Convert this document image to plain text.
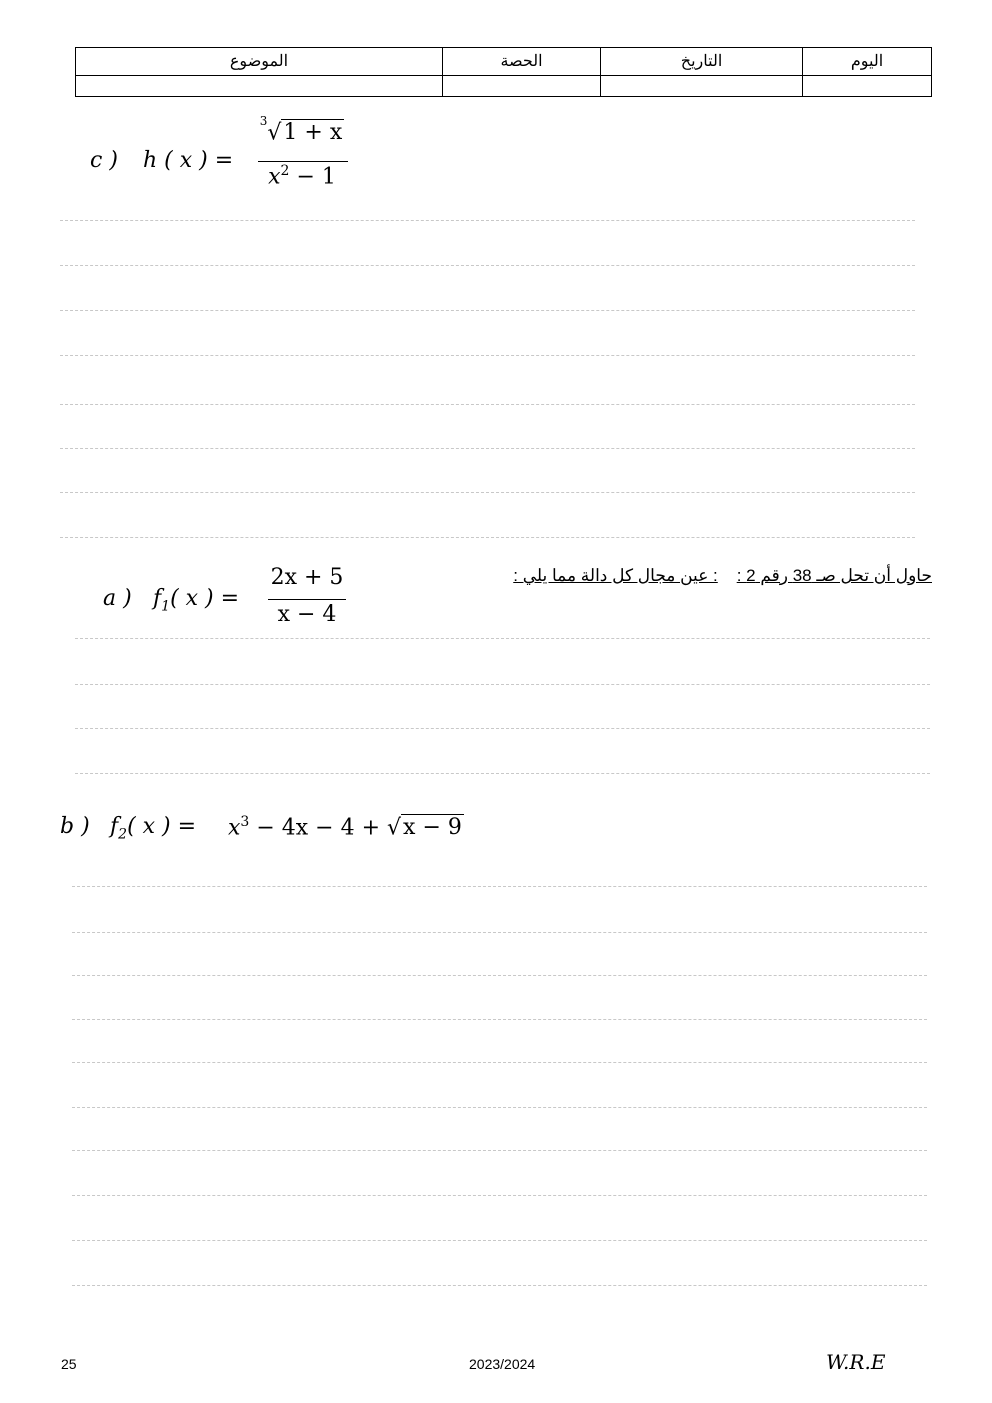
الموضوع	الحصة	التاريخ	اليوم

c ) h ( x ) =
$^3$√1 + x
$x^2 - 1$
حاول أن تحل صـ 38 رقم 2 :    : عين مجال كل دالة مما يلي :
a ) $f_1$( x ) =
2x + 5
x − 4
b ) $f_2$( x ) = $x^3 - 4x - 4 + √x - 9$
25	2023/2024	W.R.E
